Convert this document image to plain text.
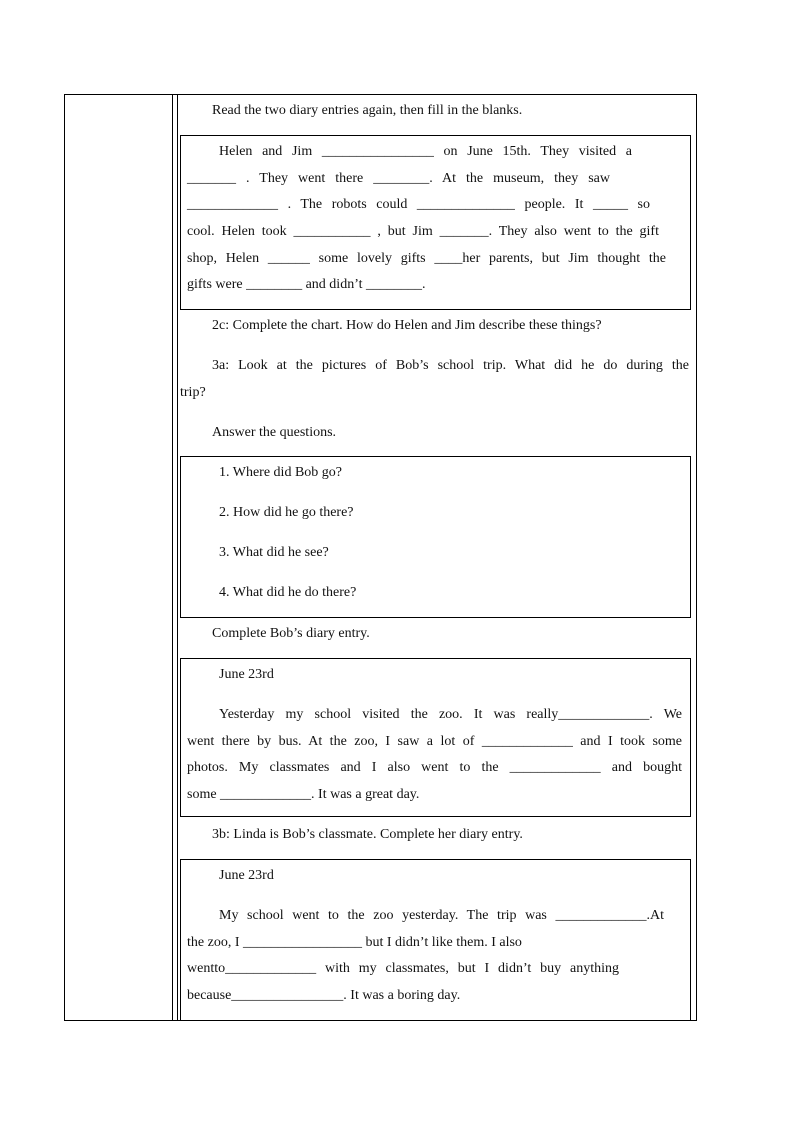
Read the two diary entries again, then fill in the blanks.
Helen and Jim ________________ on June 15th. They visited a
_______ . They went there ________. At the museum, they saw
_____________ . The robots could ______________ people. It _____ so
cool. Helen took ___________ , but Jim _______. They also went to the gift
shop, Helen ______ some lovely gifts ____her parents, but Jim thought the
gifts were ________ and didn’t ________.
2c: Complete the chart. How do Helen and Jim describe these things?
3a: Look at the pictures of Bob’s school trip. What did he do during the
trip?
Answer the questions.
1. Where did Bob go?
2. How did he go there?
3. What did he see?
4. What did he do there?
Complete Bob’s diary entry.
June 23rd
Yesterday my school visited the zoo. It was really_____________. We
went there by bus. At the zoo, I saw a lot of _____________ and I took some
photos. My classmates and I also went to the _____________ and bought
some _____________. It was a great day.
3b: Linda is Bob’s classmate. Complete her diary entry.
June 23rd
My school went to the zoo yesterday. The trip was _____________.At
the zoo, I _________________ but I didn’t like them. I also
wentto_____________ with my classmates, but I didn’t buy anything
because________________. It was a boring day.
